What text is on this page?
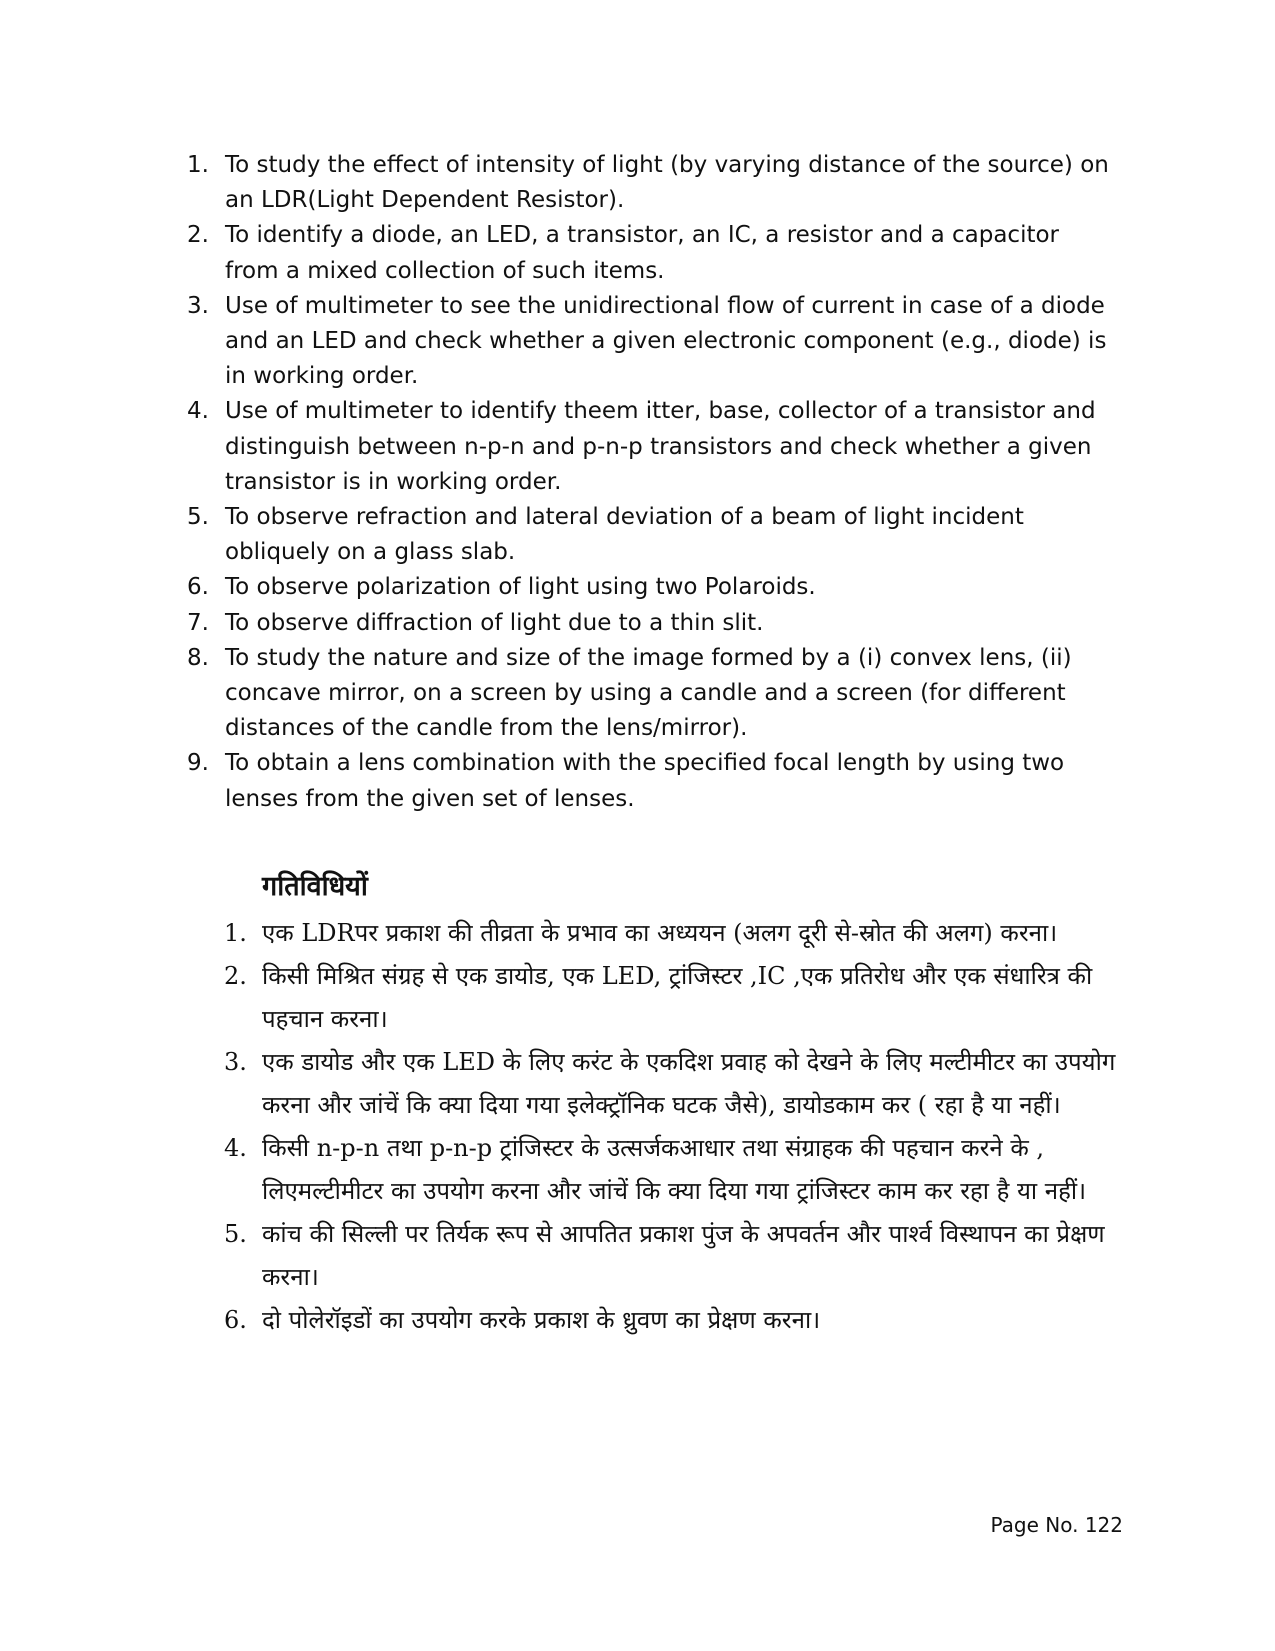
1. To study the effect of intensity of light (by varying distance of the source) on an LDR(Light Dependent Resistor).
2. To identify a diode, an LED, a transistor, an IC, a resistor and a capacitor from a mixed collection of such items.
3. Use of multimeter to see the unidirectional flow of current in case of a diode and an LED and check whether a given electronic component (e.g., diode) is in working order.
4. Use of multimeter to identify theem itter, base, collector of a transistor and distinguish between n-p-n and p-n-p transistors and check whether a given transistor is in working order.
5. To observe refraction and lateral deviation of a beam of light incident obliquely on a glass slab.
6. To observe polarization of light using two Polaroids.
7. To observe diffraction of light due to a thin slit.
8. To study the nature and size of the image formed by a (i) convex lens, (ii) concave mirror, on a screen by using a candle and a screen (for different distances of the candle from the lens/mirror).
9. To obtain a lens combination with the specified focal length by using two lenses from the given set of lenses.
गतिविधियों
1. एक LDRपर प्रकाश की तीव्रता के प्रभाव का अध्ययन (अलग दूरी से-स्रोत की अलग) करना।
2. किसी मिश्रित संग्रह से एक डायोड, एक LED, ट्रांजिस्टर ,IC ,एक प्रतिरोध और एक संधारित्र की पहचान करना।
3. एक डायोड और एक LED के लिए करंट के एकदिश प्रवाह को देखने के लिए मल्टीमीटर का उपयोग करना और जांचें कि क्या दिया गया इलेक्ट्रॉनिक घटक जैसे), डायोडकाम कर ( रहा है या नहीं।
4. किसी n-p-n तथा p-n-p ट्रांजिस्टर के उत्सर्जकआधार तथा संग्राहक की पहचान करने के , लिएमल्टीमीटर का उपयोग करना और जांचें कि क्या दिया गया ट्रांजिस्टर काम कर रहा है या नहीं।
5. कांच की सिल्ली पर तिर्यक रूप से आपतित प्रकाश पुंज के अपवर्तन और पार्श्व विस्थापन का प्रेक्षण करना।
6. दो पोलेरॉइडों का उपयोग करके प्रकाश के ध्रुवण का प्रेक्षण करना।
Page No. 122
